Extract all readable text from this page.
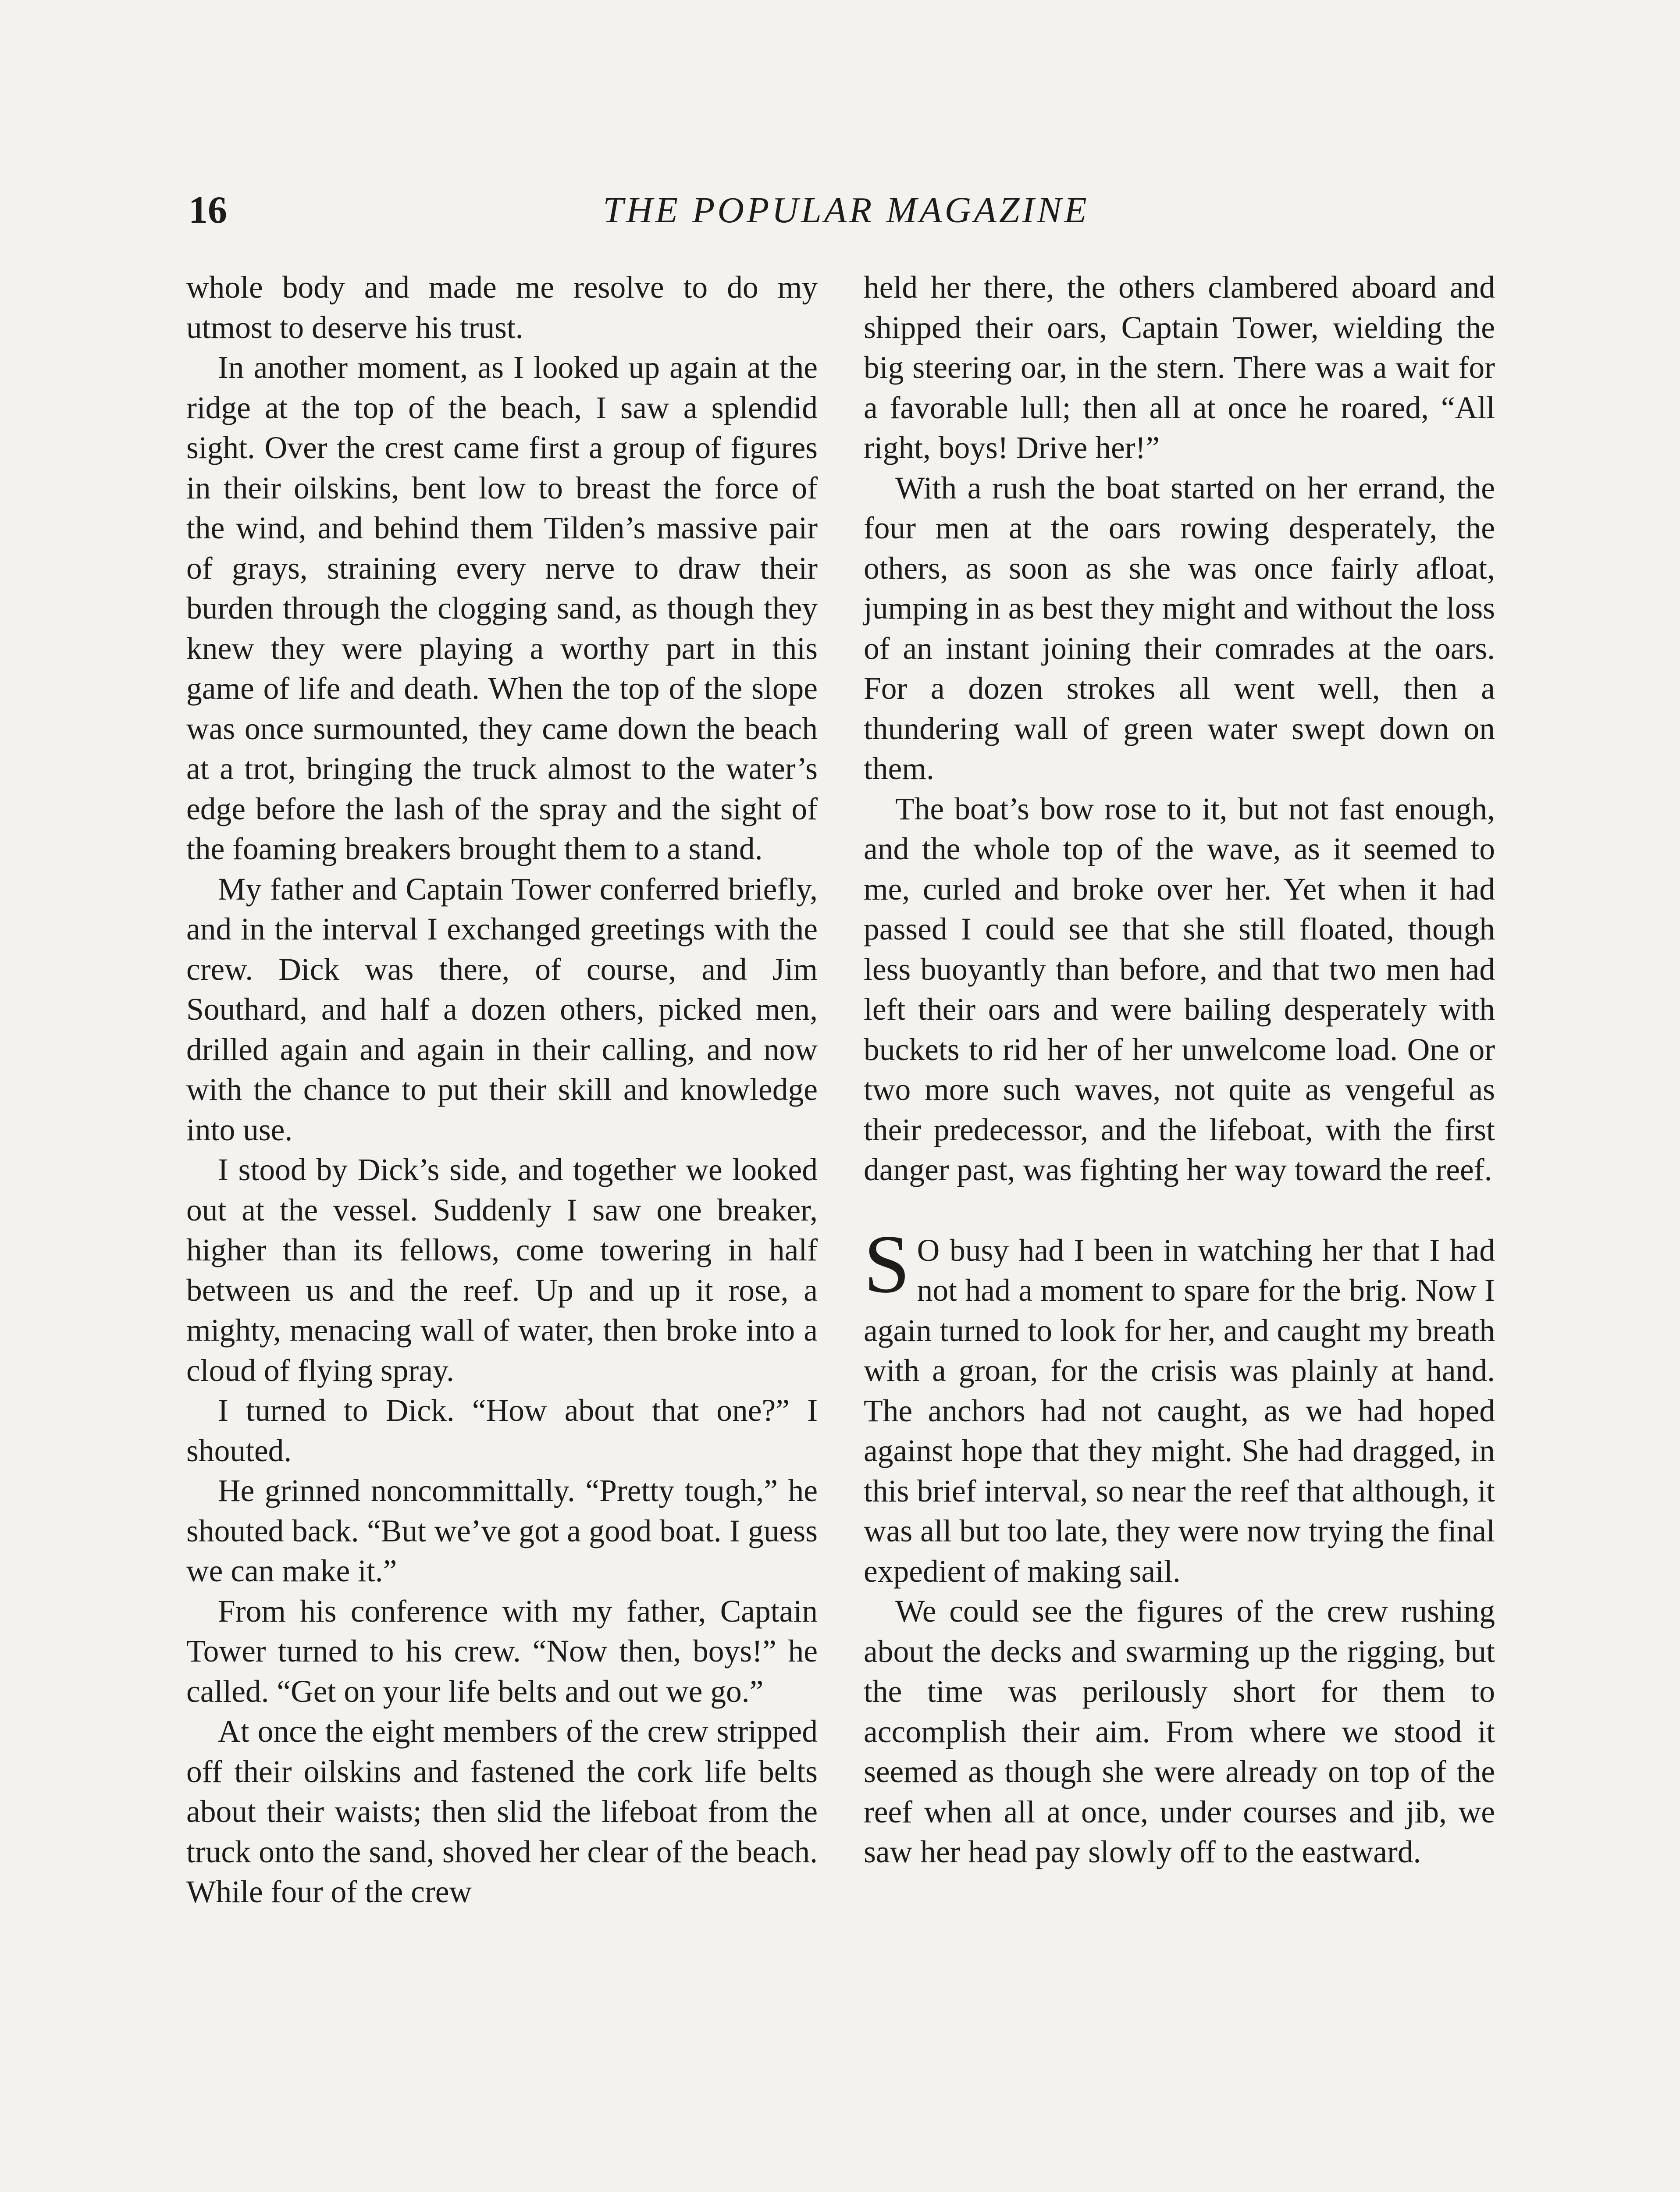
16	THE POPULAR MAGAZINE

whole body and made me resolve to do my utmost to deserve his trust.

In another moment, as I looked up again at the ridge at the top of the beach, I saw a splendid sight. Over the crest came first a group of figures in their oilskins, bent low to breast the force of the wind, and behind them Tilden’s massive pair of grays, straining every nerve to draw their burden through the clogging sand, as though they knew they were playing a worthy part in this game of life and death. When the top of the slope was once surmounted, they came down the beach at a trot, bringing the truck almost to the water’s edge before the lash of the spray and the sight of the foaming breakers brought them to a stand.

My father and Captain Tower conferred briefly, and in the interval I exchanged greetings with the crew. Dick was there, of course, and Jim Southard, and half a dozen others, picked men, drilled again and again in their calling, and now with the chance to put their skill and knowledge into use.

I stood by Dick’s side, and together we looked out at the vessel. Suddenly I saw one breaker, higher than its fellows, come towering in half between us and the reef. Up and up it rose, a mighty, menacing wall of water, then broke into a cloud of flying spray.

I turned to Dick. “How about that one?” I shouted.

He grinned noncommittally. “Pretty tough,” he shouted back. “But we’ve got a good boat. I guess we can make it.”

From his conference with my father, Captain Tower turned to his crew. “Now then, boys!” he called. “Get on your life belts and out we go.”

At once the eight members of the crew stripped off their oilskins and fastened the cork life belts about their waists; then slid the lifeboat from the truck onto the sand, shoved her clear of the beach. While four of the crew

held her there, the others clambered aboard and shipped their oars, Captain Tower, wielding the big steering oar, in the stern. There was a wait for a favorable lull; then all at once he roared, “All right, boys! Drive her!”

With a rush the boat started on her errand, the four men at the oars rowing desperately, the others, as soon as she was once fairly afloat, jumping in as best they might and without the loss of an instant joining their comrades at the oars. For a dozen strokes all went well, then a thundering wall of green water swept down on them.

The boat’s bow rose to it, but not fast enough, and the whole top of the wave, as it seemed to me, curled and broke over her. Yet when it had passed I could see that she still floated, though less buoyantly than before, and that two men had left their oars and were bailing desperately with buckets to rid her of her unwelcome load. One or two more such waves, not quite as vengeful as their predecessor, and the lifeboat, with the first danger past, was fighting her way toward the reef.

SO busy had I been in watching her that I had not had a moment to spare for the brig. Now I again turned to look for her, and caught my breath with a groan, for the crisis was plainly at hand. The anchors had not caught, as we had hoped against hope that they might. She had dragged, in this brief interval, so near the reef that although, it was all but too late, they were now trying the final expedient of making sail.

We could see the figures of the crew rushing about the decks and swarming up the rigging, but the time was perilously short for them to accomplish their aim. From where we stood it seemed as though she were already on top of the reef when all at once, under courses and jib, we saw her head pay slowly off to the eastward.
